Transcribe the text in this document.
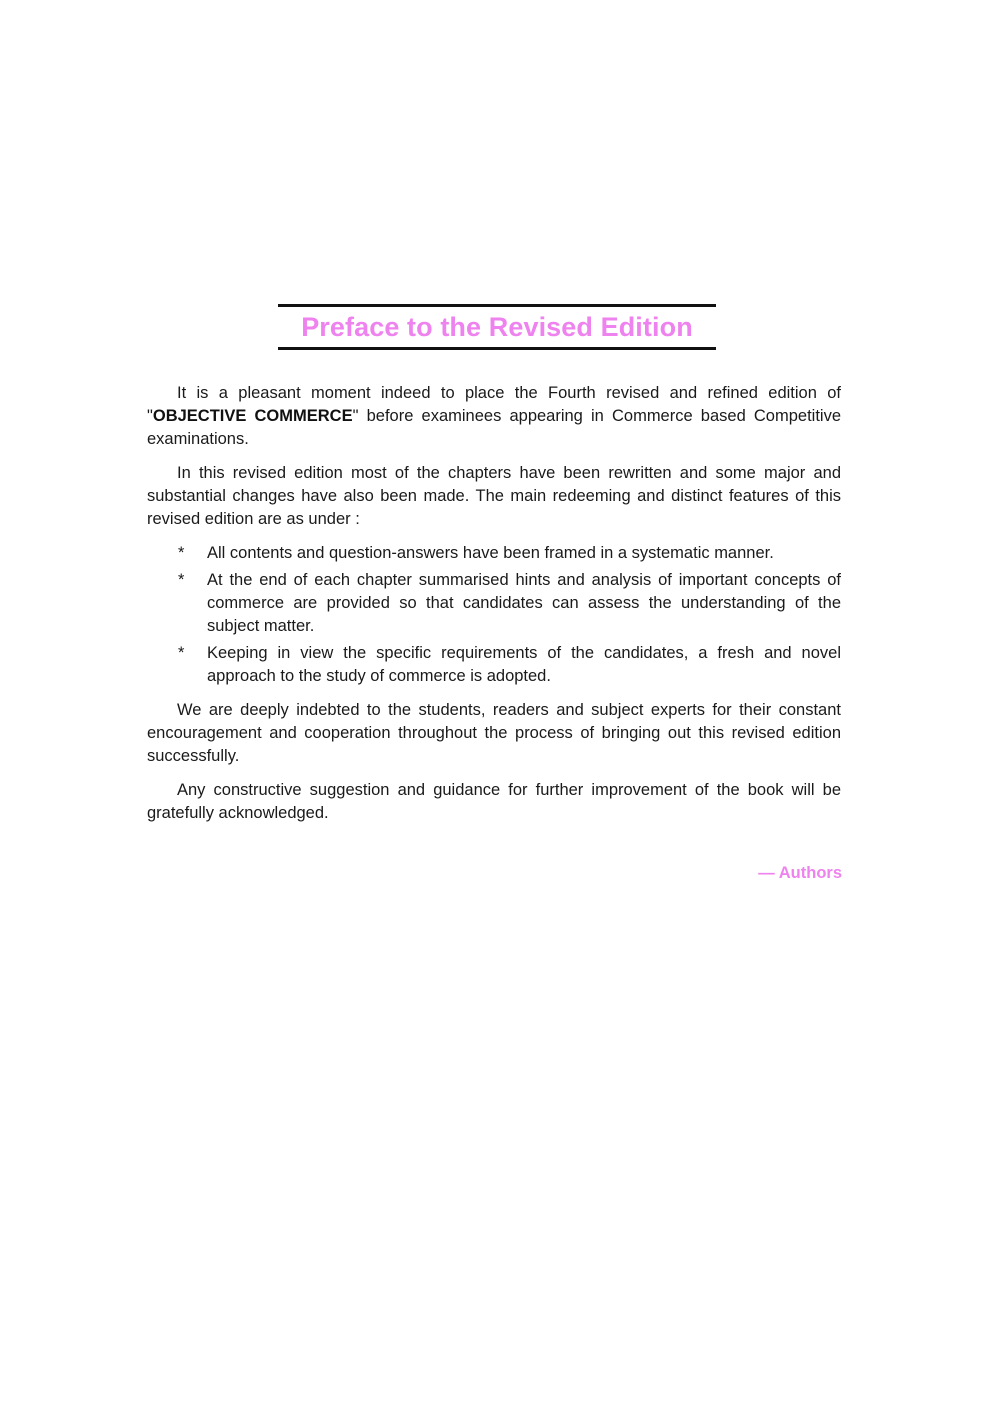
Preface to the Revised Edition

It is a pleasant moment indeed to place the Fourth revised and refined edition of "OBJECTIVE COMMERCE" before examinees appearing in Commerce based Competitive examinations.

In this revised edition most of the chapters have been rewritten and some major and substantial changes have also been made. The main redeeming and distinct features of this revised edition are as under :

* All contents and question-answers have been framed in a systematic manner.
* At the end of each chapter summarised hints and analysis of important concepts of commerce are provided so that candidates can assess the understanding of the subject matter.
* Keeping in view the specific requirements of the candidates, a fresh and novel approach to the study of commerce is adopted.

We are deeply indebted to the students, readers and subject experts for their constant encouragement and cooperation throughout the process of bringing out this revised edition successfully.

Any constructive suggestion and guidance for further improvement of the book will be gratefully acknowledged.

— Authors
